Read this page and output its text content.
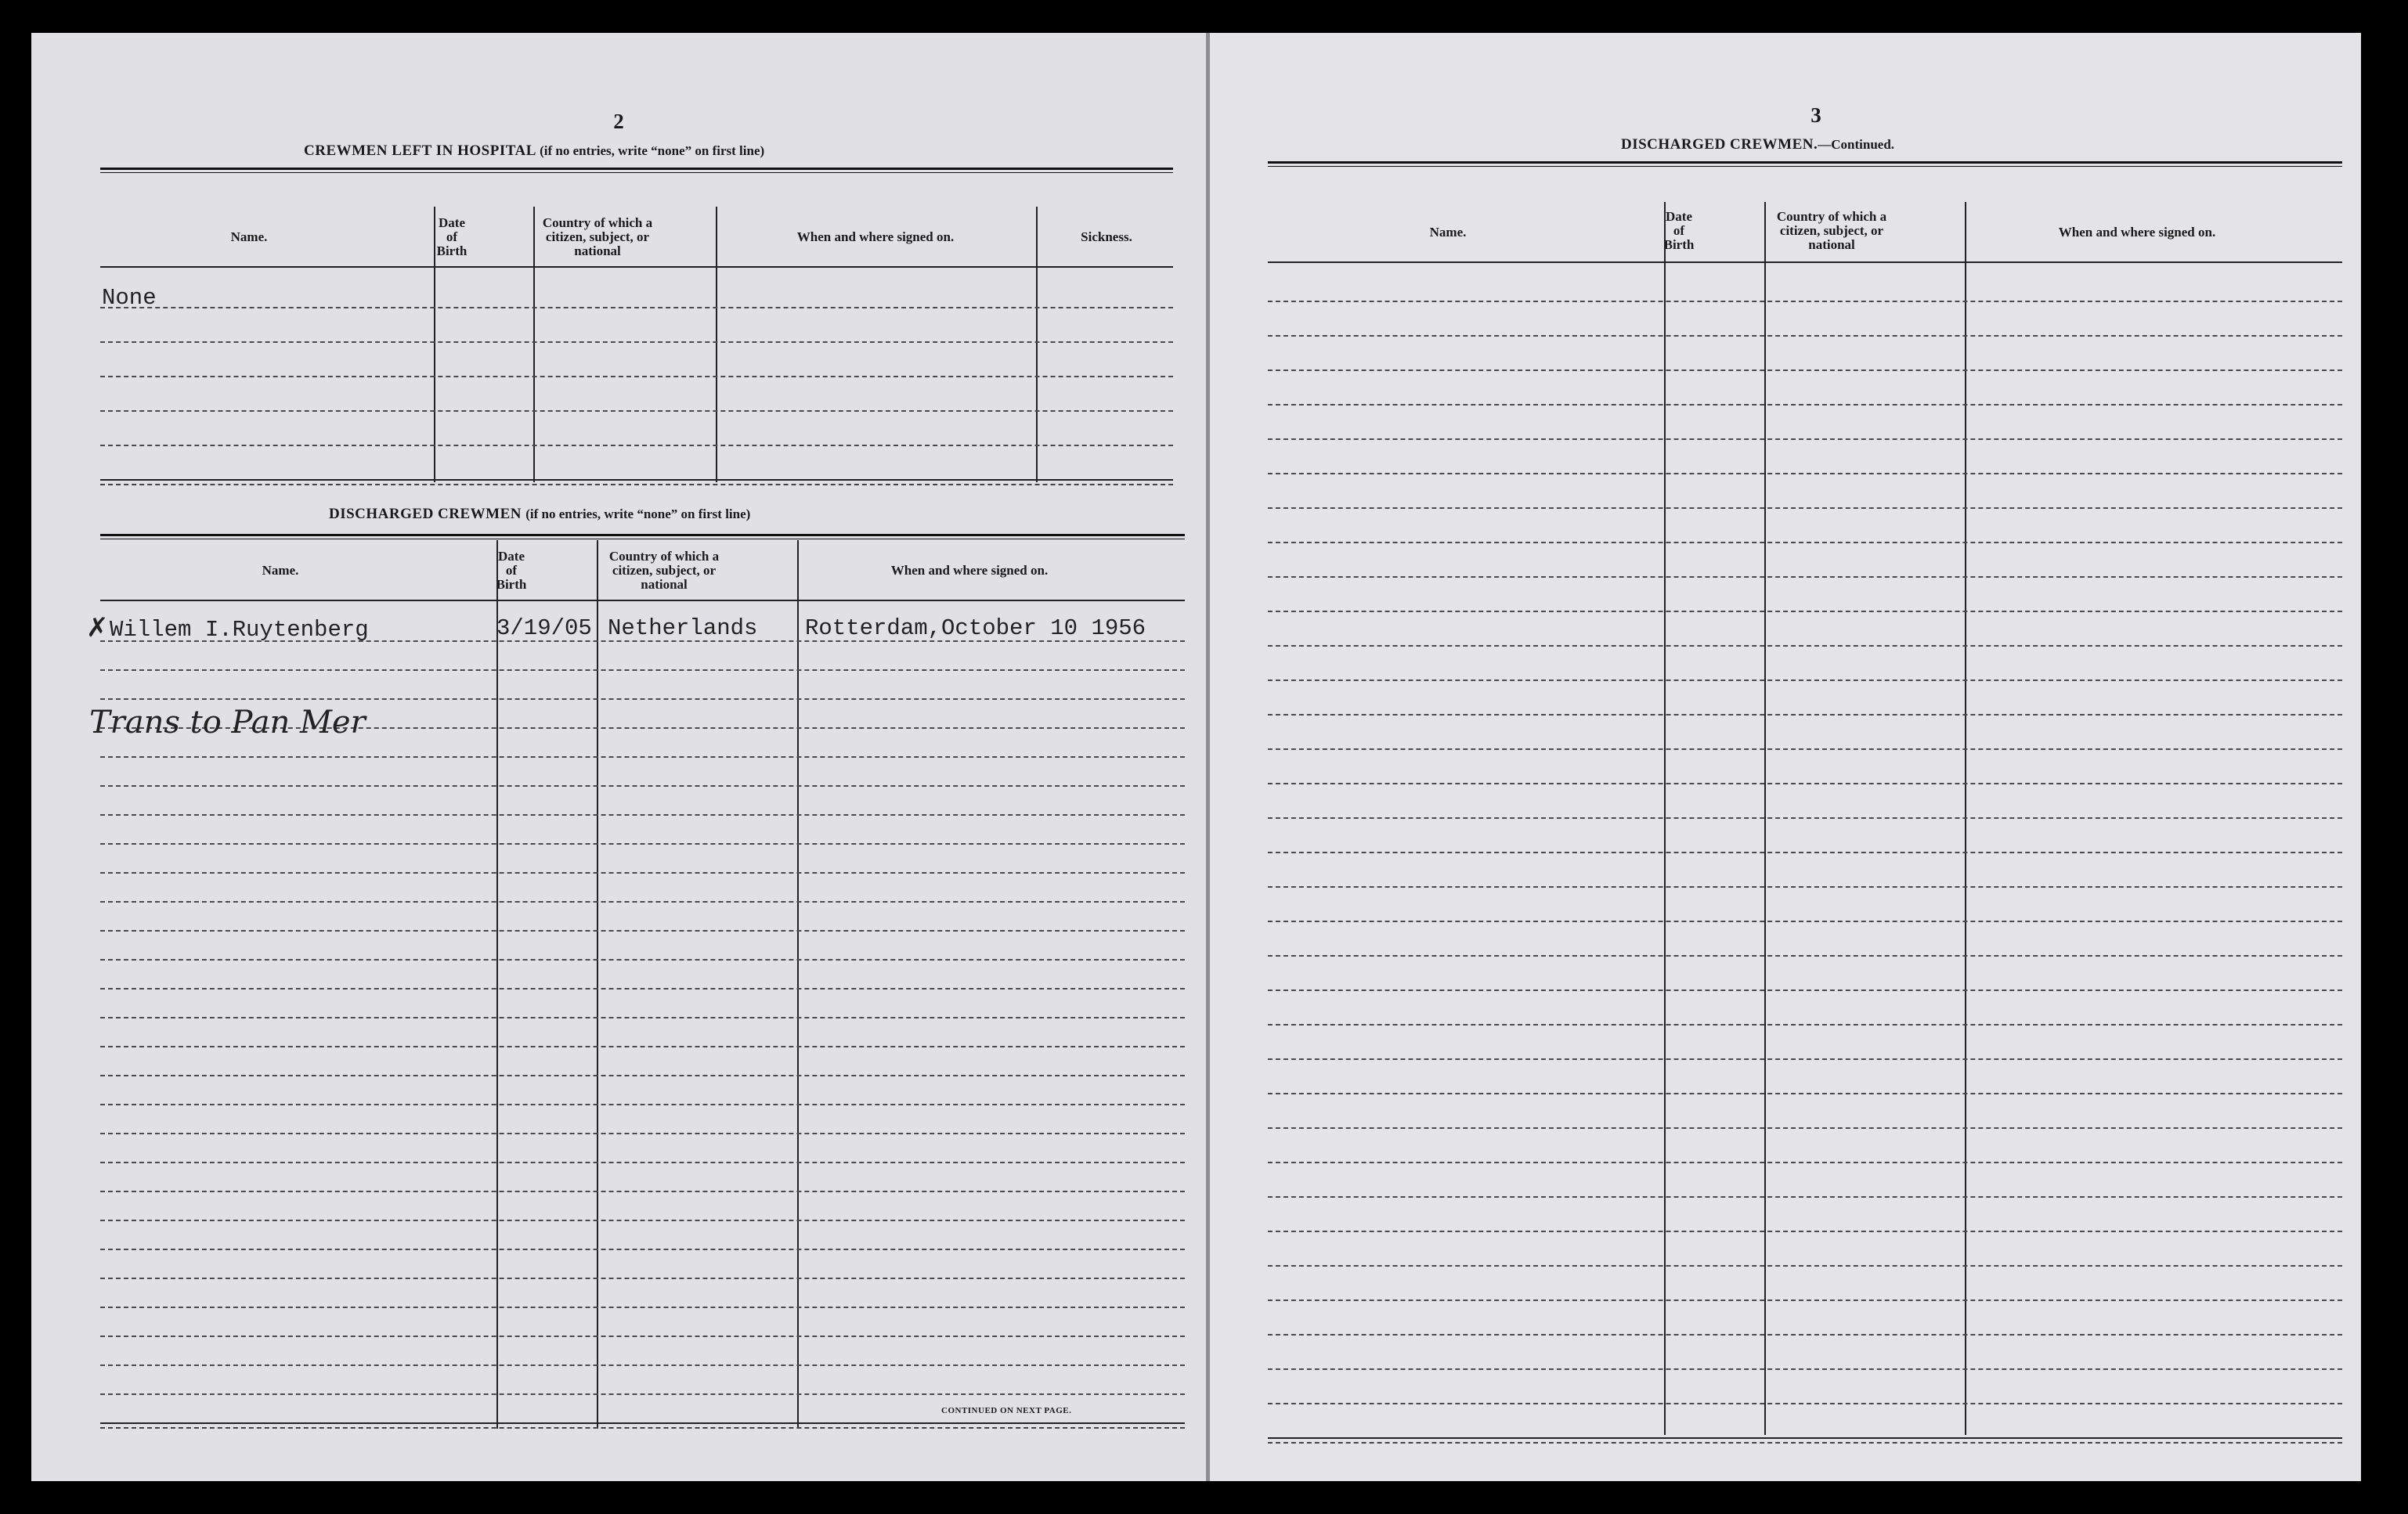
2
CREWMEN LEFT IN HOSPITAL (if no entries, write “none” on first line)
Name.
Date
of
Birth
Country of which a
citizen, subject, or
national
When and where signed on.	Sickness.
None
DISCHARGED CREWMEN (if no entries, write “none” on first line)
Name.
Date
of
Birth
Country of which a
citizen, subject, or
national
When and where signed on.
✗ Willem I.Ruytenberg	3/19/05 Netherlands Rotterdam,October 10 1956
Trans to Pan Mer
CONTINUED ON NEXT PAGE.
3
DISCHARGED CREWMEN.—Continued.
Name.
Date
of
Birth
Country of which a
citizen, subject, or
national
When and where signed on.
